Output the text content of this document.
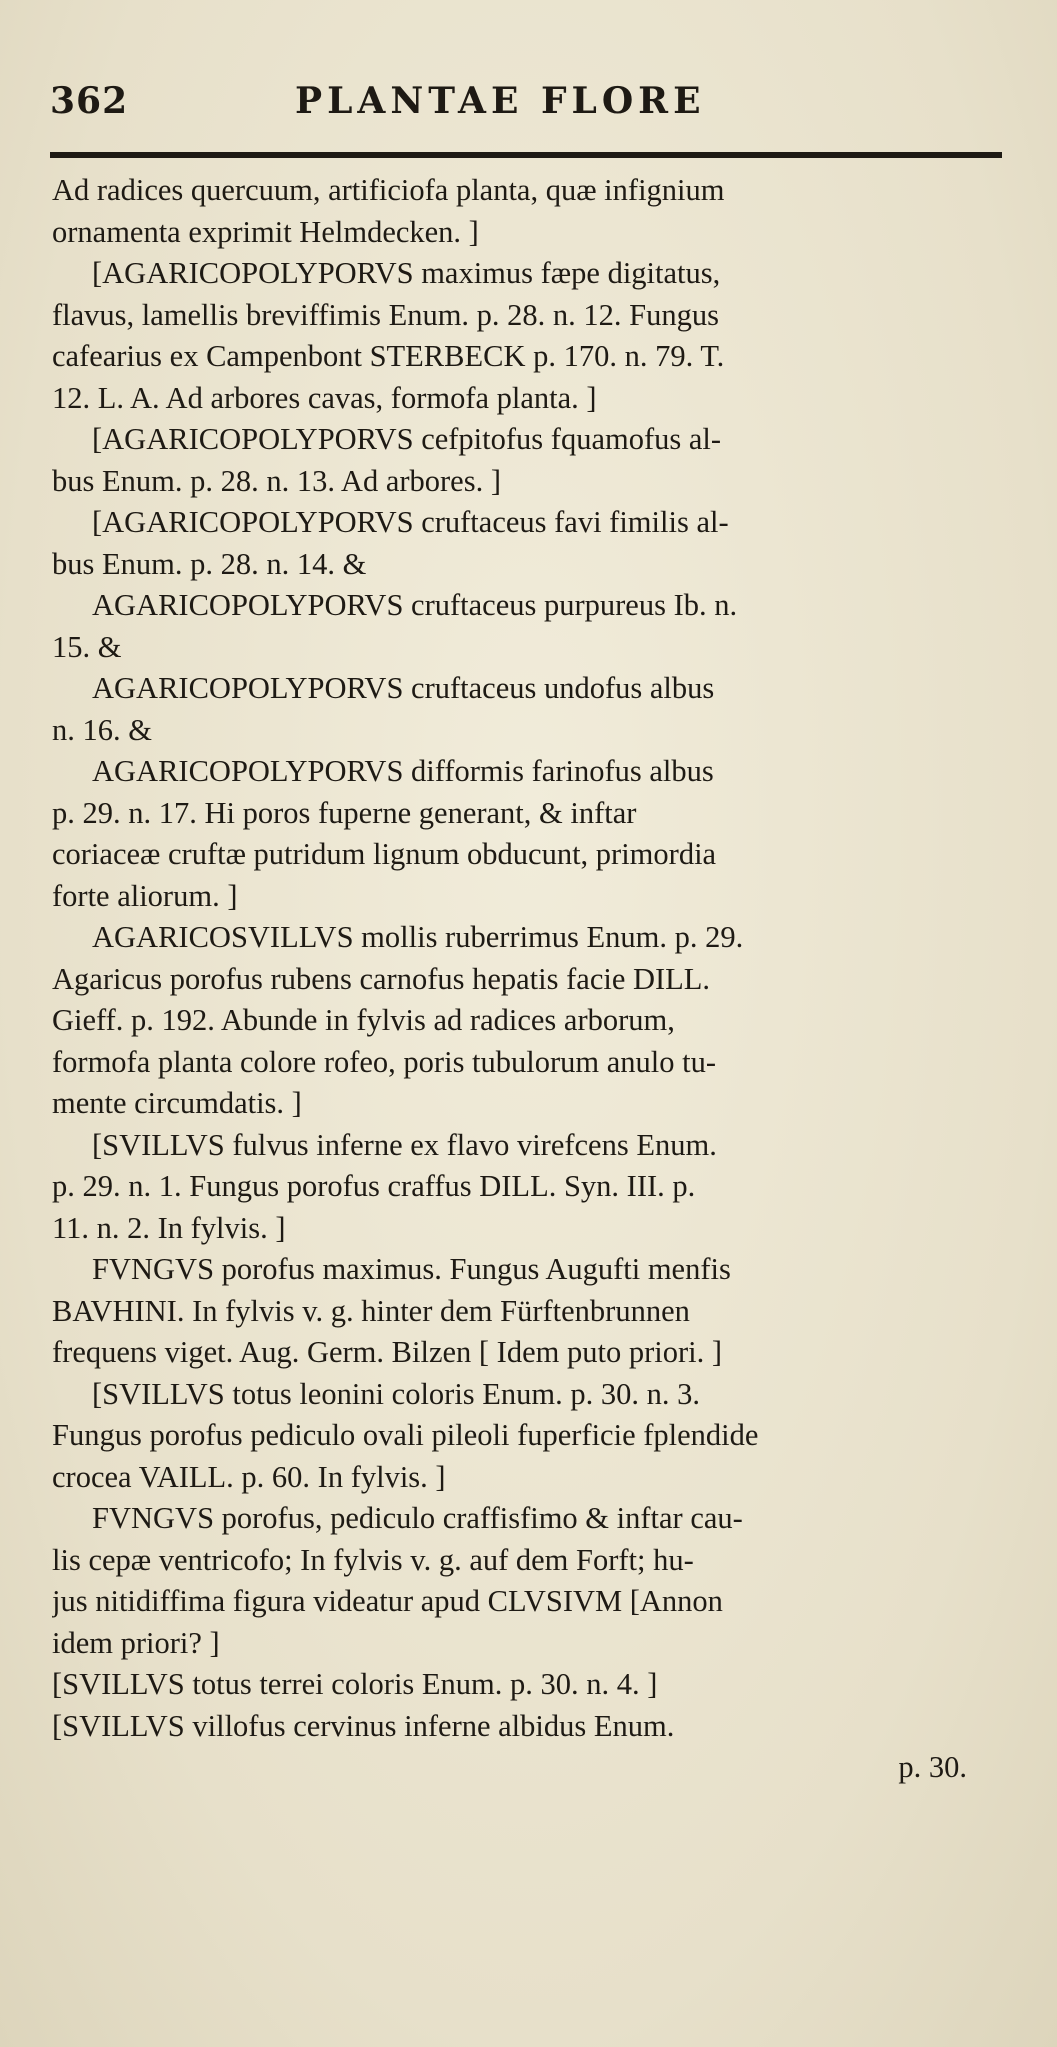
362	PLANTAE FLORE
Ad radices quercuum, artificiofa planta, quæ infignium
ornamenta exprimit Helmdecken. ]
[AGARICOPOLYPORVS maximus fæpe digitatus,
flavus, lamellis breviffimis Enum. p. 28. n. 12. Fungus
cafearius ex Campenbont STERBECK p. 170. n. 79. T.
12. L. A. Ad arbores cavas, formofa planta. ]
[AGARICOPOLYPORVS cefpitofus fquamofus al-
bus Enum. p. 28. n. 13. Ad arbores. ]
[AGARICOPOLYPORVS cruftaceus favi fimilis al-
bus Enum. p. 28. n. 14. &
AGARICOPOLYPORVS cruftaceus purpureus Ib. n.
15. &
AGARICOPOLYPORVS cruftaceus undofus albus
n. 16. &
AGARICOPOLYPORVS difformis farinofus albus
p. 29. n. 17. Hi poros fuperne generant, & inftar
coriaceæ cruftæ putridum lignum obducunt, primordia
forte aliorum. ]
AGARICOSVILLVS mollis ruberrimus Enum. p. 29.
Agaricus porofus rubens carnofus hepatis facie DILL.
Gieff. p. 192. Abunde in fylvis ad radices arborum,
formofa planta colore rofeo, poris tubulorum anulo tu-
mente circumdatis. ]
[SVILLVS fulvus inferne ex flavo virefcens Enum.
p. 29. n. 1. Fungus porofus craffus DILL. Syn. III. p.
11. n. 2. In fylvis. ]
FVNGVS porofus maximus. Fungus Augufti menfis
BAVHINI. In fylvis v. g. hinter dem Fürftenbrunnen
frequens viget. Aug. Germ. Bilzen [ Idem puto priori. ]
[SVILLVS totus leonini coloris Enum. p. 30. n. 3.
Fungus porofus pediculo ovali pileoli fuperficie fplendide
crocea VAILL. p. 60. In fylvis. ]
FVNGVS porofus, pediculo craffisfimo & inftar cau-
lis cepæ ventricofo; In fylvis v. g. auf dem Forft; hu-
jus nitidiffima figura videatur apud CLVSIVM [Annon
idem priori? ]
[SVILLVS totus terrei coloris Enum. p. 30. n. 4. ]
[SVILLVS villofus cervinus inferne albidus Enum.
p. 30.
